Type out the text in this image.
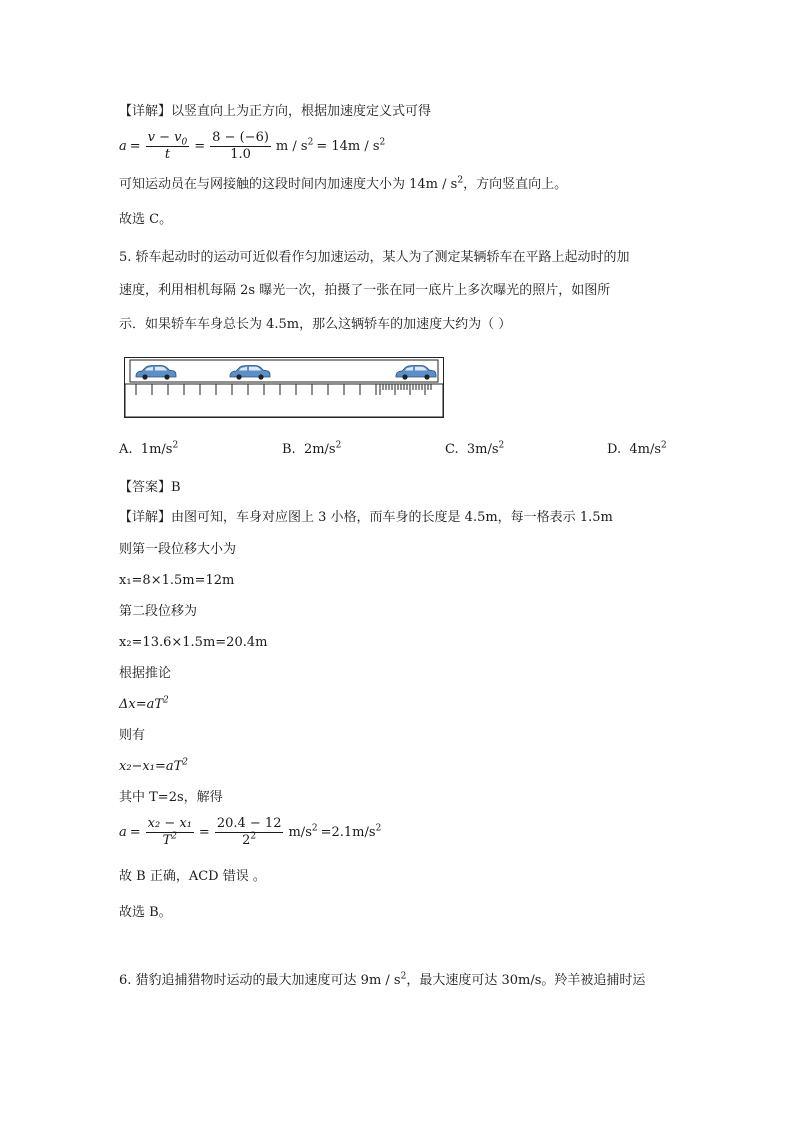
【详解】以竖直向上为正方向，根据加速度定义式可得
$a = \frac{v - v_0}{t} = \frac{8 - (-6)}{1.0}$ $m / s^2 = 14m / s^2$
可知运动员在与网接触的这段时间内加速度大小为 $14m / s^2$，方向竖直向上。
故选 C。
5. 轿车起动时的运动可近似看作匀加速运动，某人为了测定某辆轿车在平路上起动时的加
速度，利用相机每隔 2s 曝光一次，拍摄了一张在同一底片上多次曝光的照片，如图所
示．如果轿车车身总长为 4.5m，那么这辆轿车的加速度大约为（ ）
A. $1m/s^2$	B. $2m/s^2$	C. $3m/s^2$	D. $4m/s^2$
【答案】B
【详解】由图可知，车身对应图上 3 小格，而车身的长度是 4.5m，每一格表示 1.5m
则第一段位移大小为
x₁=8×1.5m=12m
第二段位移为
x₂=13.6×1.5m=20.4m
根据推论
$\Delta x=aT^2$
则有
$x_2-x_1=aT^2$
其中 T=2s，解得
$a = \frac{\text{x₂ − x₁}}{T^2} = \frac{20.4 - 12}{2^2} m/s^2 =2.1m/s^2$
故 B 正确，ACD 错误 。
故选 B。
6. 猎豹追捕猎物时运动的最大加速度可达 $9m / s^2$，最大速度可达 30m/s。羚羊被追捕时运
